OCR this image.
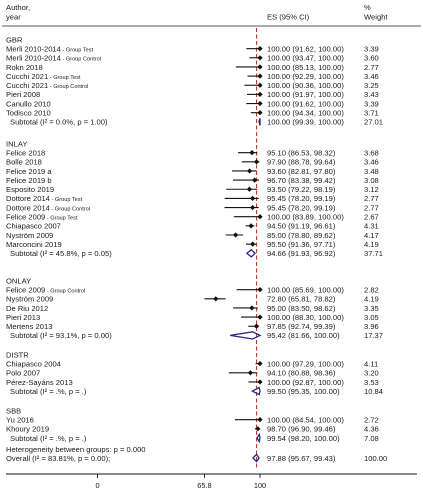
Author,
year	ES (95% CI)
%
Weight
GBR
Merli 2010-2014 - Group Test	100.00 (91.62, 100.00)	3.39
Merli 2010-2014 - Group Control	100.00 (93.47, 100.00)	3.60
Rokn 2018	100.00 (85.13, 100.00)	2.77
Cucchi 2021 - Group Test	100.00 (92.29, 100.00)	3.46
Cucchi 2021 - Group Control	100.00 (90.36, 100.00)	3.25
Pieri 2008	100.00 (91.97, 100.00)	3.43
Canullo 2010	100.00 (91.62, 100.00)	3.39
Todisco 2010	100.00 (94.34, 100.00)	3.71
Subtotal (I² = 0.0%, p = 1.00)	100.00 (99.39, 100.00)	27.01
INLAY
Felice 2018	95.10 (86.53, 98.32)	3.68
Bolle 2018	97.90 (88.78, 99.64)	3.46
Felice 2019 a	93.60 (82.81, 97.80)	3.48
Felice 2019 b	96.70 (83.38, 99.42)	3.08
Esposito 2019	93.50 (79.22, 98.19)	3.12
Dottore 2014 - Group Test	95.45 (78.20, 99.19)	2.77
Dottore 2014 - Group Control	95.45 (78.20, 99.19)	2.77
Felice 2009 - Group Test	100.00 (83.89, 100.00)	2.67
Chiapasco 2007	94.50 (91.19, 96.61)	4.31
Nyström 2009	85.00 (78.80, 89.62)	4.17
Marconcini 2019	95.50 (91.36, 97.71)	4.19
Subtotal (I² = 45.8%, p = 0.05)	94.66 (91.93, 96.92)	37.71
ONLAY
Felice 2009 - Group Control	100.00 (85.69, 100.00)	2.82
Nyström 2009	72.80 (65.81, 78.82)	4.19
De Riu 2012	95.00 (83.50, 98.62)	3.35
Pieri 2013	100.00 (88.30, 100.00)	3.05
Mertens 2013	97.85 (92.74, 99.39)	3.96
Subtotal (I² = 93.1%, p = 0.00)	95.42 (81.66, 100.00)	17.37
DISTR
Chiapasco 2004	100.00 (97.29, 100.00)	4.11
Polo 2007	94.10 (80.88, 98.36)	3.20
Pérez-Sayáns 2013	100.00 (92.87, 100.00)	3.53
Subtotal (I² = .%, p = .)	99.50 (95.35, 100.00)	10.84
SBB
Yu 2016	100.00 (84.54, 100.00)	2.72
Khoury 2019	98.70 (96.90, 99.46)	4.36
Subtotal (I² = .%, p = .)	99.54 (98.20, 100.00)	7.08
Heterogeneity between groups: p = 0.000
Overall (I² = 83.81%, p = 0.00);	97.88 (95.67, 99.43)	100.00
0	65.8	100
